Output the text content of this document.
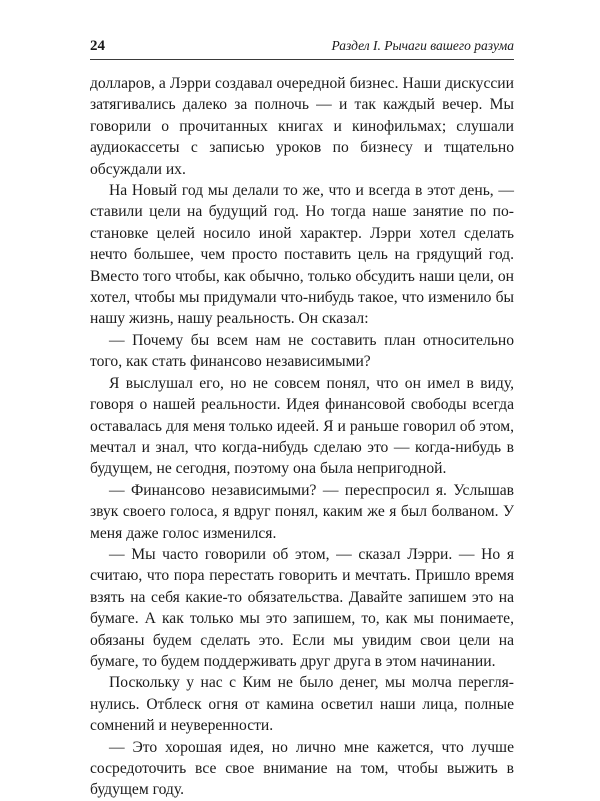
24	Раздел I. Рычаги вашего разума

долларов, а Лэрри создавал очередной бизнес. Наши дискуссии затягивались далеко за полночь — и так каждый вечер. Мы говорили о прочитанных книгах и кинофильмах; слушали аудиокассеты с записью уроков по бизнесу и тщательно обсуждали их.

На Новый год мы делали то же, что и всегда в этот день, — ставили цели на будущий год. Но тогда наше занятие по постановке целей носило иной характер. Лэрри хотел сделать нечто большее, чем просто поставить цель на грядущий год. Вместо того чтобы, как обычно, только обсудить наши цели, он хотел, чтобы мы придумали что-нибудь такое, что изменило бы нашу жизнь, нашу реальность. Он сказал:

— Почему бы всем нам не составить план относительно того, как стать финансово независимыми?

Я выслушал его, но не совсем понял, что он имел в виду, говоря о нашей реальности. Идея финансовой свободы всегда оставалась для меня только идеей. Я и раньше говорил об этом, мечтал и знал, что когда-нибудь сделаю это — когда-нибудь в будущем, не сегодня, поэтому она была непригодной.

— Финансово независимыми? — переспросил я. Услышав звук своего голоса, я вдруг понял, каким же я был болваном. У меня даже голос изменился.

— Мы часто говорили об этом, — сказал Лэрри. — Но я считаю, что пора перестать говорить и мечтать. Пришло время взять на себя какие-то обязательства. Давайте запишем это на бумаге. А как только мы это запишем, то, как мы понимаете, обязаны будем сделать это. Если мы увидим свои цели на бумаге, то будем поддерживать друг друга в этом начинании.

Поскольку у нас с Ким не было денег, мы молча переглянулись. Отблеск огня от камина осветил наши лица, полные сомнений и неуверенности.

— Это хорошая идея, но лично мне кажется, что лучше сосредоточить все свое внимание на том, чтобы выжить в будущем году.
